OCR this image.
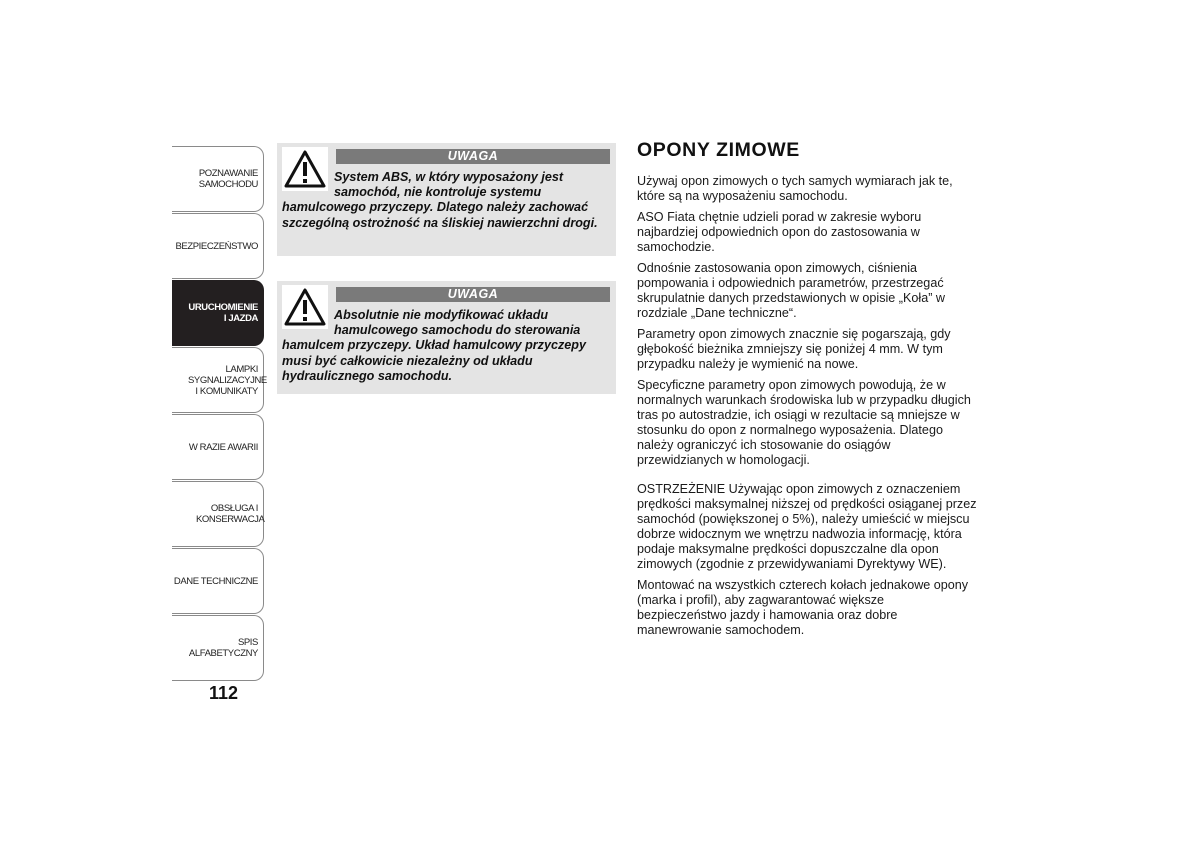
POZNAWANIE SAMOCHODU
BEZPIECZEŃSTWO
URUCHOMIENIE I JAZDA
LAMPKI SYGNALIZACYJNE I KOMUNIKATY
W RAZIE AWARII
OBSŁUGA I KONSERWACJA
DANE TECHNICZNE
SPIS ALFABETYCZNY
112
UWAGA
System ABS, w który wyposażony jest samochód, nie kontroluje systemu hamulcowego przyczepy. Dlatego należy zachować szczególną ostrożność na śliskiej nawierzchni drogi.
UWAGA
Absolutnie nie modyfikować układu hamulcowego samochodu do sterowania hamulcem przyczepy. Układ hamulcowy przyczepy musi być całkowicie niezależny od układu hydraulicznego samochodu.
OPONY ZIMOWE

Używaj opon zimowych o tych samych wymiarach jak te, które są na wyposażeniu samochodu.

ASO Fiata chętnie udzieli porad w zakresie wyboru najbardziej odpowiednich opon do zastosowania w samochodzie.

Odnośnie zastosowania opon zimowych, ciśnienia pompowania i odpowiednich parametrów, przestrzegać skrupulatnie danych przedstawionych w opisie „Koła” w rozdziale „Dane techniczne“.

Parametry opon zimowych znacznie się pogarszają, gdy głębokość bieżnika zmniejszy się poniżej 4 mm. W tym przypadku należy je wymienić na nowe.

Specyficzne parametry opon zimowych powodują, że w normalnych warunkach środowiska lub w przypadku długich tras po autostradzie, ich osiągi w rezultacie są mniejsze w stosunku do opon z normalnego wyposażenia. Dlatego należy ograniczyć ich stosowanie do osiągów przewidzianych w homologacji.

OSTRZEŻENIE Używając opon zimowych z oznaczeniem prędkości maksymalnej niższej od prędkości osiąganej przez samochód (powiększonej o 5%), należy umieścić w miejscu dobrze widocznym we wnętrzu nadwozia informację, która podaje maksymalne prędkości dopuszczalne dla opon zimowych (zgodnie z przewidywaniami Dyrektywy WE).

Montować na wszystkich czterech kołach jednakowe opony (marka i profil), aby zagwarantować większe bezpieczeństwo jazdy i hamowania oraz dobre manewrowanie samochodem.
